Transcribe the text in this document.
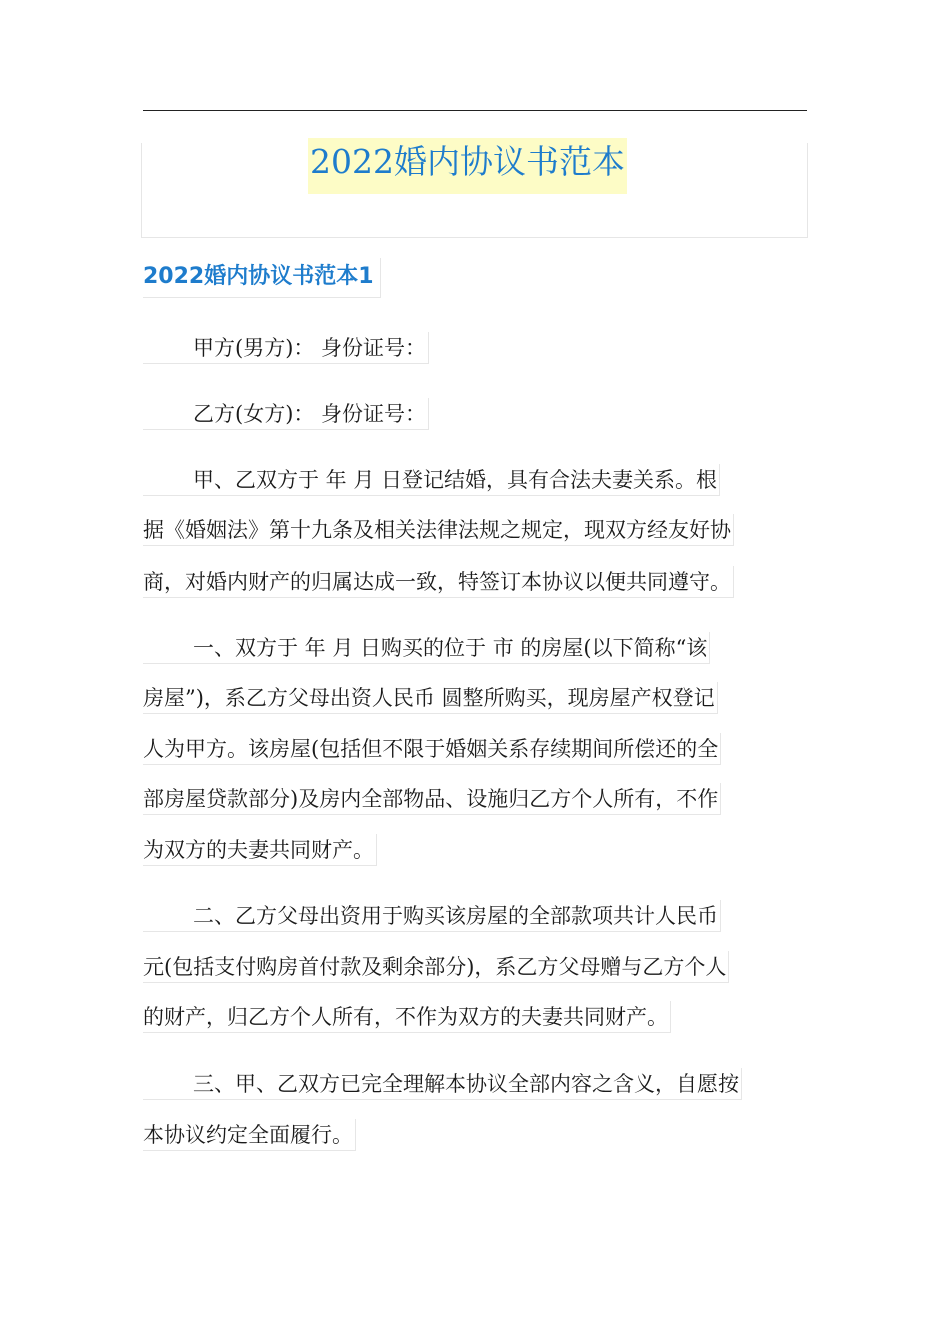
2022婚内协议书范本
2022婚内协议书范本1
甲方(男方)： 身份证号：
乙方(女方)： 身份证号：
甲、乙双方于 年 月 日登记结婚，具有合法夫妻关系。根
据《婚姻法》第十九条及相关法律法规之规定，现双方经友好协
商，对婚内财产的归属达成一致，特签订本协议以便共同遵守。
一、双方于 年 月 日购买的位于 市 的房屋(以下简称“该
房屋”)，系乙方父母出资人民币 圆整所购买，现房屋产权登记
人为甲方。该房屋(包括但不限于婚姻关系存续期间所偿还的全
部房屋贷款部分)及房内全部物品、设施归乙方个人所有，不作
为双方的夫妻共同财产。
二、乙方父母出资用于购买该房屋的全部款项共计人民币
元(包括支付购房首付款及剩余部分)，系乙方父母赠与乙方个人
的财产，归乙方个人所有，不作为双方的夫妻共同财产。
三、甲、乙双方已完全理解本协议全部内容之含义，自愿按
本协议约定全面履行。
